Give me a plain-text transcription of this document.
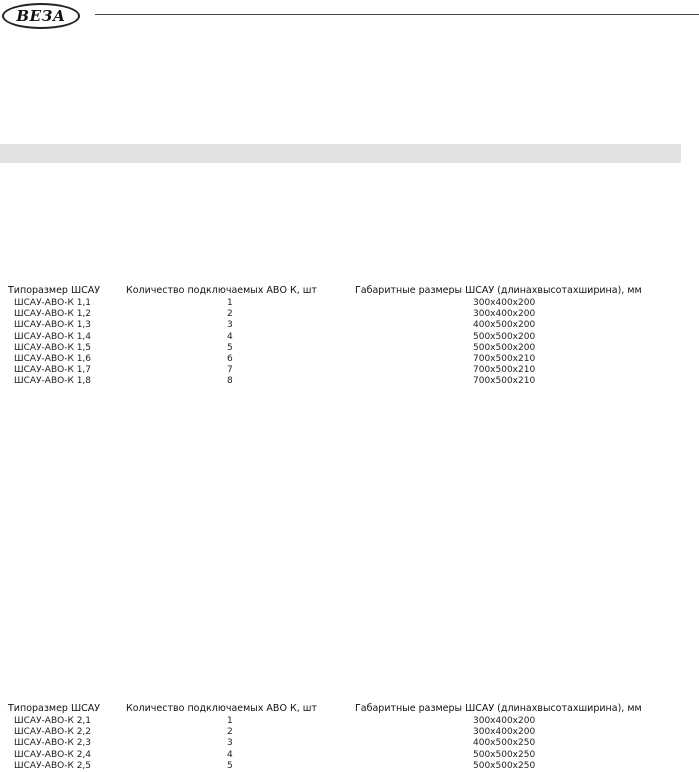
ВЕЗА
Типоразмер ШСАУ	Количество подключаемых АВО К, шт	Габаритные размеры ШСАУ (длинaхвысотахширина), мм
ШСАУ-АВО-К 1,1	1	300х400х200
ШСАУ-АВО-К 1,2	2	300х400х200
ШСАУ-АВО-К 1,3	3	400х500х200
ШСАУ-АВО-К 1,4	4	500х500х200
ШСАУ-АВО-К 1,5	5	500х500х200
ШСАУ-АВО-К 1,6	6	700х500х210
ШСАУ-АВО-К 1,7	7	700х500х210
ШСАУ-АВО-К 1,8	8	700х500х210
Типоразмер ШСАУ	Количество подключаемых АВО К, шт	Габаритные размеры ШСАУ (длинaхвысотахширина), мм
ШСАУ-АВО-К 2,1	1	300х400х200
ШСАУ-АВО-К 2,2	2	300х400х200
ШСАУ-АВО-К 2,3	3	400х500х250
ШСАУ-АВО-К 2,4	4	500х500х250
ШСАУ-АВО-К 2,5	5	500х500х250
